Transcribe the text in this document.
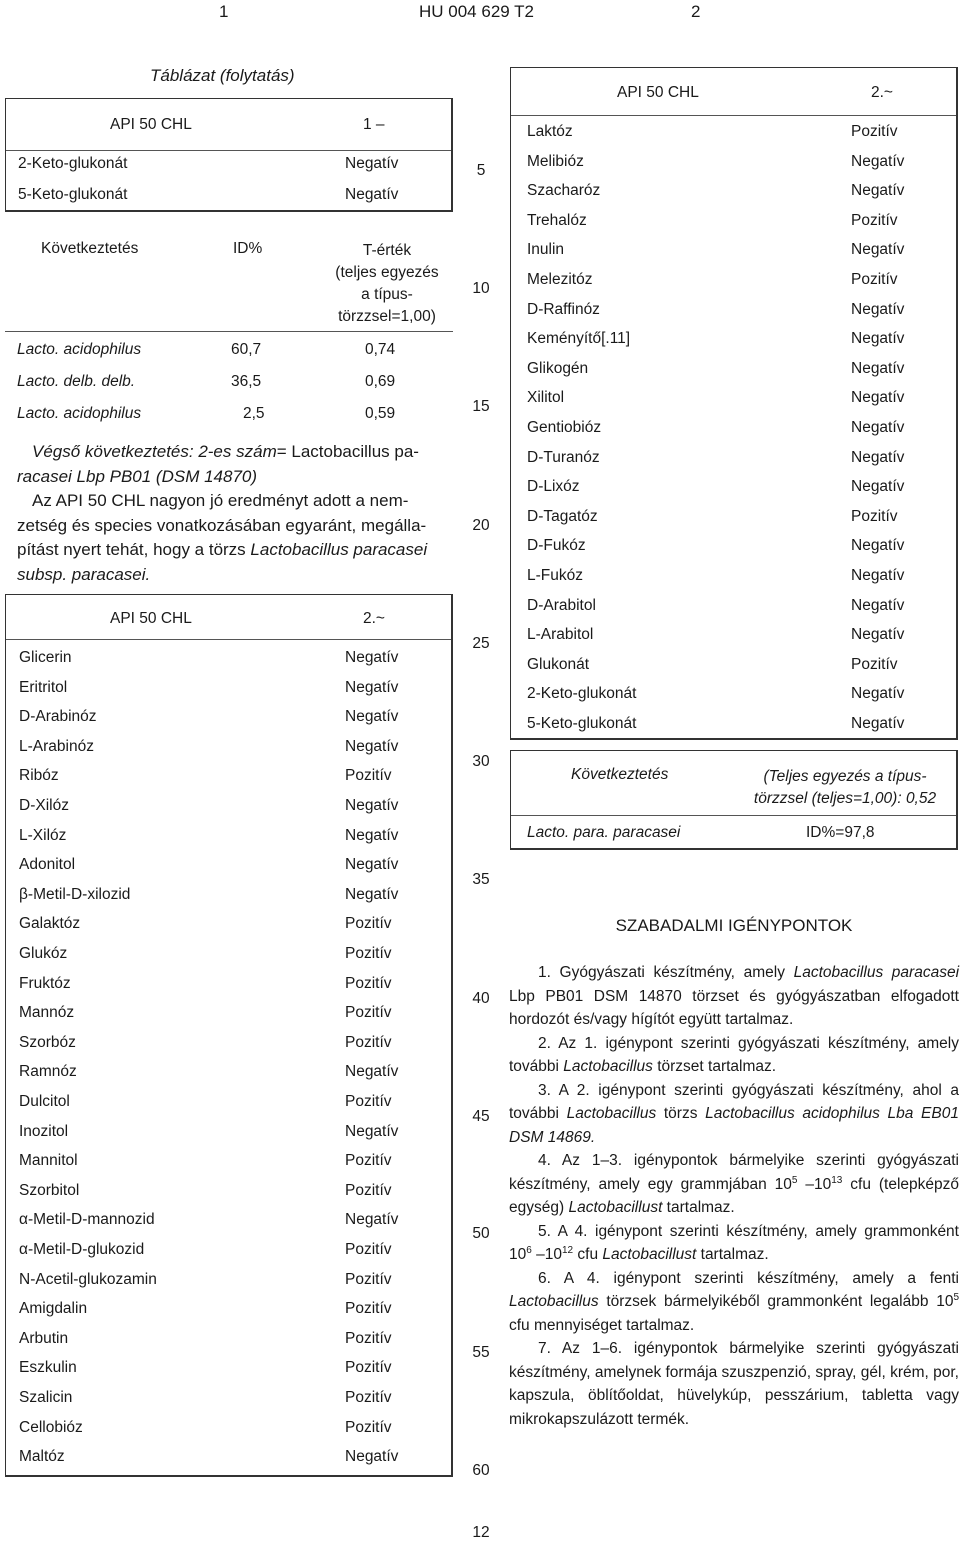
1	HU 004 629 T2	2
Táblázat (folytatás)
API 50 CHL	1 –
2-Keto-glukonát	Negatív
5-Keto-glukonát	Negatív
Következtetés	ID%	T-érték
(teljes egyezés
a típus-
törzzsel=1,00)
Lacto. acidophilus	60,7	0,74
Lacto. delb. delb.	36,5	0,69
Lacto. acidophilus	2,5	0,59
Végső következtetés: 2-es szám= Lactobacillus pa-
racasei Lbp PB01 (DSM 14870)
Az API 50 CHL nagyon jó eredményt adott a nem-
zetség és species vonatkozásában egyaránt, megálla-
pítást nyert tehát, hogy a törzs Lactobacillus paracasei
subsp. paracasei.
API 50 CHL	2.~
Glicerin	Negatív
Eritritol	Negatív
D-Arabinóz	Negatív
L-Arabinóz	Negatív
Ribóz	Pozitív
D-Xilóz	Negatív
L-Xilóz	Negatív
Adonitol	Negatív
β-Metil-D-xilozid	Negatív
Galaktóz	Pozitív
Glukóz	Pozitív
Fruktóz	Pozitív
Mannóz	Pozitív
Szorbóz	Pozitív
Ramnóz	Negatív
Dulcitol	Pozitív
Inozitol	Negatív
Mannitol	Pozitív
Szorbitol	Pozitív
α-Metil-D-mannozid	Negatív
α-Metil-D-glukozid	Pozitív
N-Acetil-glukozamin	Pozitív
Amigdalin	Pozitív
Arbutin	Pozitív
Eszkulin	Pozitív
Szalicin	Pozitív
Cellobióz	Pozitív
Maltóz	Negatív
API 50 CHL	2.~
Laktóz	Pozitív
Melibióz	Negatív
Szacharóz	Negatív
Trehalóz	Pozitív
Inulin	Negatív
Melezitóz	Pozitív
D-Raffinóz	Negatív
Keményítő[.11]	Negatív
Glikogén	Negatív
Xilitol	Negatív
Gentiobióz	Negatív
D-Turanóz	Negatív
D-Lixóz	Negatív
D-Tagatóz	Pozitív
D-Fukóz	Negatív
L-Fukóz	Negatív
D-Arabitol	Negatív
L-Arabitol	Negatív
Glukonát	Pozitív
2-Keto-glukonát	Negatív
5-Keto-glukonát	Negatív
Következtetés	(Teljes egyezés a típus-
törzzsel (teljes=1,00): 0,52
Lacto. para. paracasei	ID%=97,8
SZABADALMI IGÉNYPONTOK

1. Gyógyászati készítmény, amely Lactobacillus paracasei Lbp PB01 DSM 14870 törzset és gyógyászatban elfogadott hordozót és/vagy hígítót együtt tartalmaz.

2. Az 1. igénypont szerinti gyógyászati készítmény, amely további Lactobacillus törzset tartalmaz.

3. A 2. igénypont szerinti gyógyászati készítmény, ahol a további Lactobacillus törzs Lactobacillus acidophilus Lba EB01 DSM 14869.

4. Az 1–3. igénypontok bármelyike szerinti gyógyászati készítmény, amely egy grammjában $10^5$ $-10^{13}$ cfu (telepképző egység) Lactobacillust tartalmaz.

5. A 4. igénypont szerinti készítmény, amely grammonként $10^6$ $-10^{12}$ cfu Lactobacillust tartalmaz.

6. A 4. igénypont szerinti készítmény, amely a fenti Lactobacillus törzsek bármelyikéből grammonként legalább $10^5$ cfu mennyiséget tartalmaz.

7. Az 1–6. igénypontok bármelyike szerinti gyógyászati készítmény, amelynek formája szuszpenzió, spray, gél, krém, por, kapszula, öblítőoldat, hüvelykúp, pesszárium, tabletta vagy mikrokapszulázott termék.

5
10
15
20
25
30
35
40
45
50
55
60
12
